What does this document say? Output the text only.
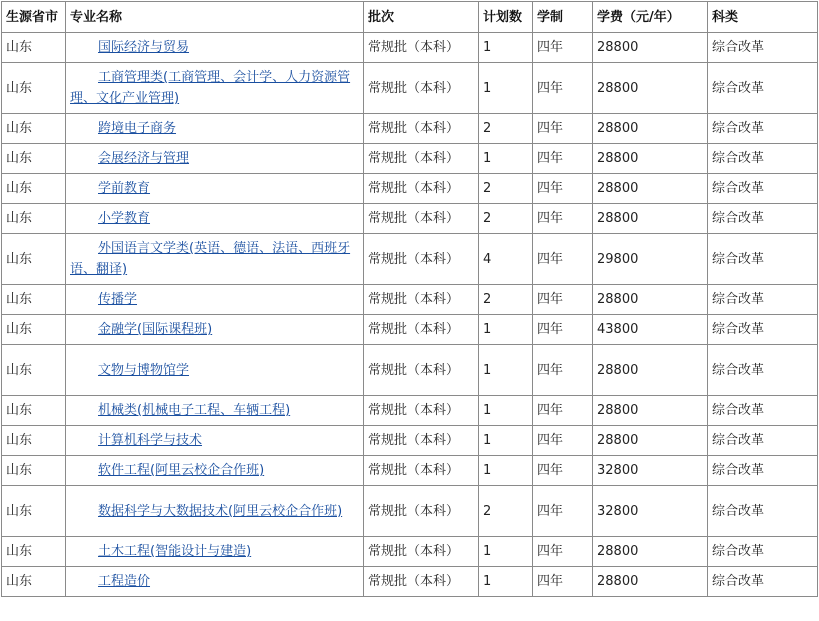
生源省市	专业名称	批次	计划数	学制	学费（元/年）	科类
山东	国际经济与贸易	常规批（本科）	1	四年	28800	综合改革
山东	工商管理类(工商管理、会计学、人力资源管理、文化产业管理)	常规批（本科）	1	四年	28800	综合改革
山东	跨境电子商务	常规批（本科）	2	四年	28800	综合改革
山东	会展经济与管理	常规批（本科）	1	四年	28800	综合改革
山东	学前教育	常规批（本科）	2	四年	28800	综合改革
山东	小学教育	常规批（本科）	2	四年	28800	综合改革
山东	外国语言文学类(英语、德语、法语、西班牙语、翻译)	常规批（本科）	4	四年	29800	综合改革
山东	传播学	常规批（本科）	2	四年	28800	综合改革
山东	金融学(国际课程班)	常规批（本科）	1	四年	43800	综合改革
山东	文物与博物馆学	常规批（本科）	1	四年	28800	综合改革
山东	机械类(机械电子工程、车辆工程)	常规批（本科）	1	四年	28800	综合改革
山东	计算机科学与技术	常规批（本科）	1	四年	28800	综合改革
山东	软件工程(阿里云校企合作班)	常规批（本科）	1	四年	32800	综合改革
山东	数据科学与大数据技术(阿里云校企合作班)	常规批（本科）	2	四年	32800	综合改革
山东	土木工程(智能设计与建造)	常规批（本科）	1	四年	28800	综合改革
山东	工程造价	常规批（本科）	1	四年	28800	综合改革
